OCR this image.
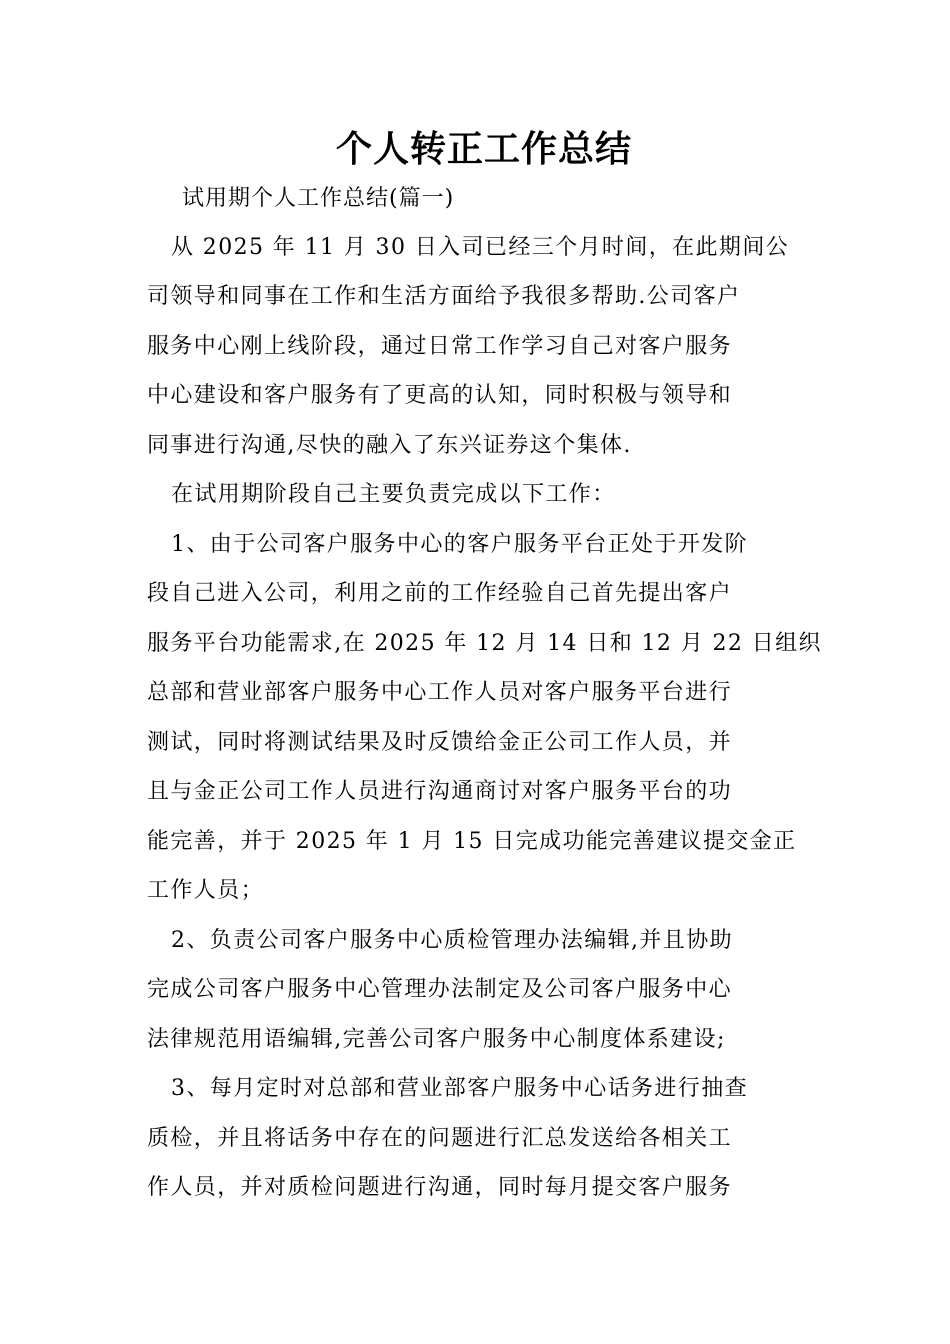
个人转正工作总结
试用期个人工作总结(篇一)
从 2025 年 11 月 30 日入司已经三个月时间，在此期间公
司领导和同事在工作和生活方面给予我很多帮助.公司客户
服务中心刚上线阶段，通过日常工作学习自己对客户服务
中心建设和客户服务有了更高的认知，同时积极与领导和
同事进行沟通,尽快的融入了东兴证券这个集体.
在试用期阶段自己主要负责完成以下工作：
1、由于公司客户服务中心的客户服务平台正处于开发阶
段自己进入公司，利用之前的工作经验自己首先提出客户
服务平台功能需求,在 2025 年 12 月 14 日和 12 月 22 日组织
总部和营业部客户服务中心工作人员对客户服务平台进行
测试，同时将测试结果及时反馈给金正公司工作人员，并
且与金正公司工作人员进行沟通商讨对客户服务平台的功
能完善，并于 2025 年 1 月 15 日完成功能完善建议提交金正
工作人员；
2、负责公司客户服务中心质检管理办法编辑,并且协助
完成公司客户服务中心管理办法制定及公司客户服务中心
法律规范用语编辑,完善公司客户服务中心制度体系建设;
3、每月定时对总部和营业部客户服务中心话务进行抽查
质检，并且将话务中存在的问题进行汇总发送给各相关工
作人员，并对质检问题进行沟通，同时每月提交客户服务
